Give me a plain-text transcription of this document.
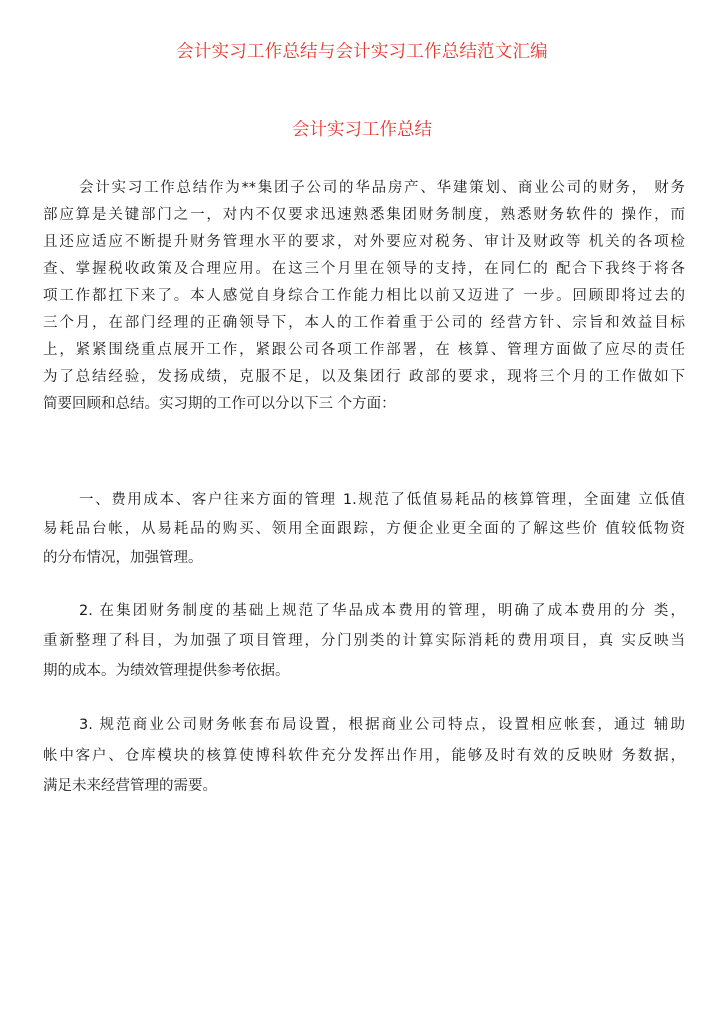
会计实习工作总结与会计实习工作总结范文汇编
会计实习工作总结
会计实习工作总结作为**集团子公司的华品房产、华建策划、商业公司的财务， 财务
部应算是关键部门之一，对内不仅要求迅速熟悉集团财务制度，熟悉财务软件的 操作，而
且还应适应不断提升财务管理水平的要求，对外要应对税务、审计及财政等 机关的各项检
查、掌握税收政策及合理应用。在这三个月里在领导的支持，在同仁的 配合下我终于将各
项工作都扛下来了。本人感觉自身综合工作能力相比以前又迈进了 一步。回顾即将过去的
三个月，在部门经理的正确领导下，本人的工作着重于公司的 经营方针、宗旨和效益目标
上，紧紧围绕重点展开工作，紧跟公司各项工作部署，在 核算、管理方面做了应尽的责任
为了总结经验，发扬成绩，克服不足，以及集团行 政部的要求，现将三个月的工作做如下
简要回顾和总结。实习期的工作可以分以下三 个方面：
一、费用成本、客户往来方面的管理 1.规范了低值易耗品的核算管理，全面建 立低值
易耗品台帐，从易耗品的购买、领用全面跟踪，方便企业更全面的了解这些价 值较低物资
的分布情况，加强管理。
2. 在集团财务制度的基础上规范了华品成本费用的管理，明确了成本费用的分 类，
重新整理了科目，为加强了项目管理，分门别类的计算实际消耗的费用项目，真 实反映当
期的成本。为绩效管理提供参考依据。
3. 规范商业公司财务帐套布局设置，根据商业公司特点，设置相应帐套，通过 辅助
帐中客户、仓库模块的核算使博科软件充分发挥出作用，能够及时有效的反映财 务数据，
满足未来经营管理的需要。
